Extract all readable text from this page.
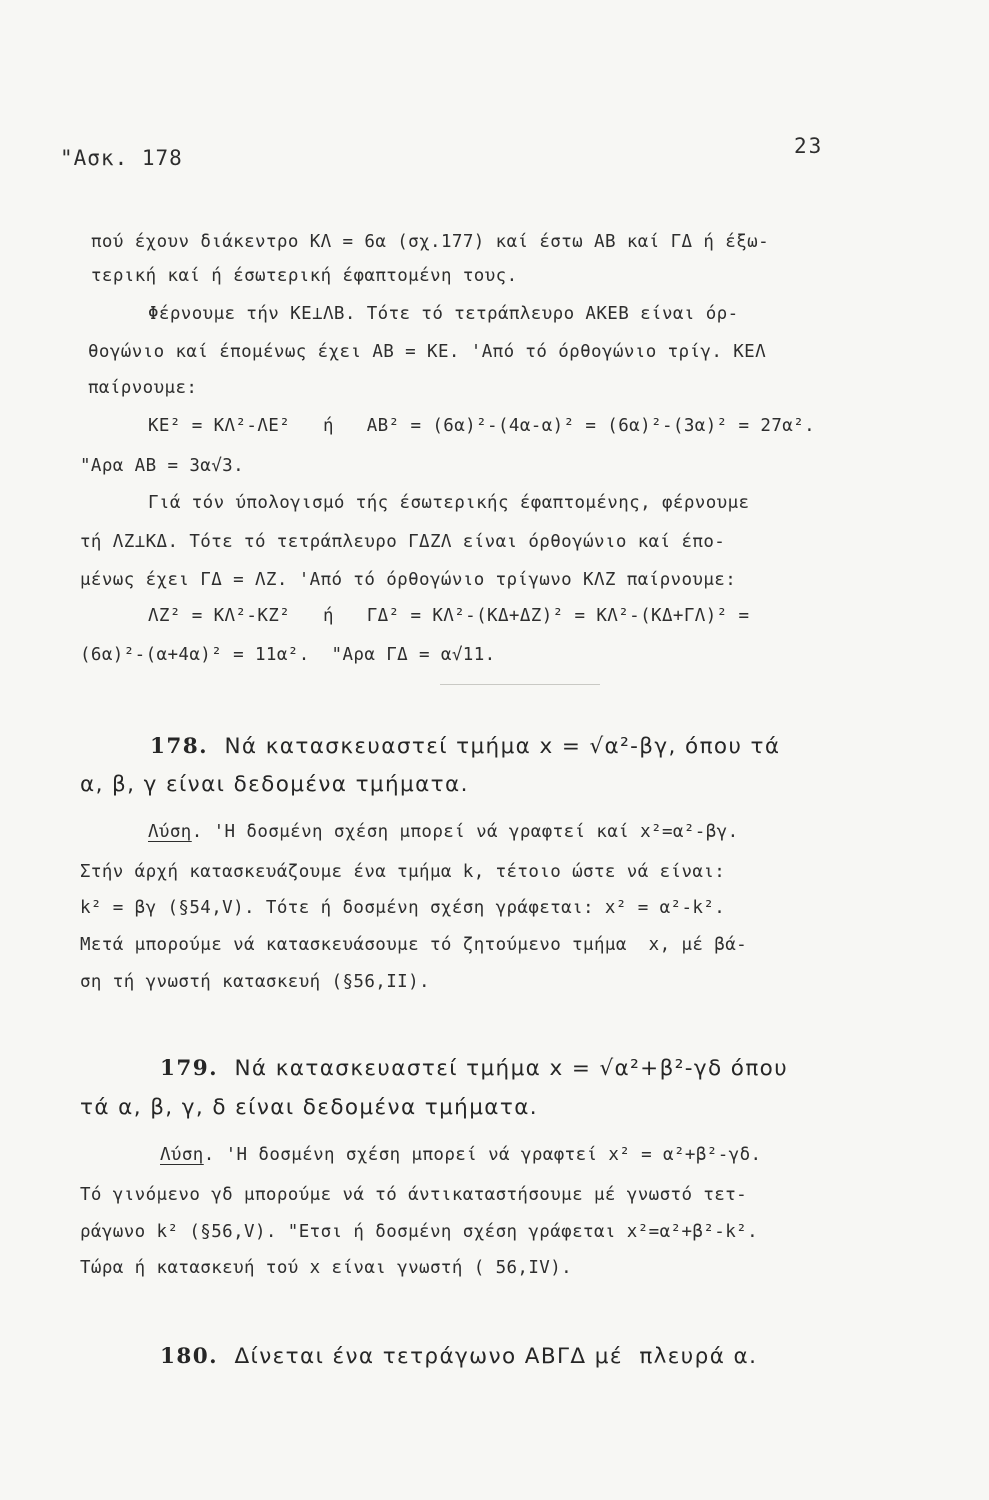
"Ασκ. 178	23
πού έχουν διάκεντρο ΚΛ = 6α (σχ.177) καί έστω ΑΒ καί ΓΔ ή έξω-
τερική καί ή έσωτερική έφαπτομένη τους.
Φέρνουμε τήν ΚΕ⊥ΛΒ. Τότε τό τετράπλευρο ΑΚΕΒ είναι όρ-
θογώνιο καί έπομένως έχει ΑΒ = ΚΕ. 'Από τό όρθογώνιο τρίγ. ΚΕΛ
παίρνουμε:
ΚΕ² = ΚΛ²-ΛΕ²   ή   ΑΒ² = (6α)²-(4α-α)² = (6α)²-(3α)² = 27α².
"Αρα ΑΒ = 3α√3.
Γιά τόν ύπολογισμό τής έσωτερικής έφαπτομένης, φέρνουμε
τή ΛΖ⊥ΚΔ. Τότε τό τετράπλευρο ΓΔΖΛ είναι όρθογώνιο καί έπο-
μένως έχει ΓΔ = ΛΖ. 'Από τό όρθογώνιο τρίγωνο ΚΛΖ παίρνουμε:
ΛΖ² = ΚΛ²-ΚΖ²   ή   ΓΔ² = ΚΛ²-(ΚΔ+ΔΖ)² = ΚΛ²-(ΚΔ+ΓΛ)² =
(6α)²-(α+4α)² = 11α².  "Αρα ΓΔ = α√11.
178. Νά κατασκευαστεί τμήμα x = √α²-βγ, όπου τά
α, β, γ είναι δεδομένα τμήματα.
Λύση. 'Η δοσμένη σχέση μπορεί νά γραφτεί καί x²=α²-βγ.
Στήν άρχή κατασκευάζουμε ένα τμήμα k, τέτοιο ώστε νά είναι:
k² = βγ (§54,V). Τότε ή δοσμένη σχέση γράφεται: x² = α²-k².
Μετά μπορούμε νά κατασκευάσουμε τό ζητούμενο τμήμα  x, μέ βά-
ση τή γνωστή κατασκευή (§56,ΙΙ).
179. Νά κατασκευαστεί τμήμα x = √α²+β²-γδ όπου
τά α, β, γ, δ είναι δεδομένα τμήματα.
Λύση. 'Η δοσμένη σχέση μπορεί νά γραφτεί x² = α²+β²-γδ.
Τό γινόμενο γδ μπορούμε νά τό άντικαταστήσουμε μέ γνωστό τετ-
ράγωνο k² (§56,V). "Ετσι ή δοσμένη σχέση γράφεται x²=α²+β²-k².
Τώρα ή κατασκευή τού x είναι γνωστή ( 56,ΙV).
180. Δίνεται ένα τετράγωνο ΑΒΓΔ μέ  πλευρά α.
